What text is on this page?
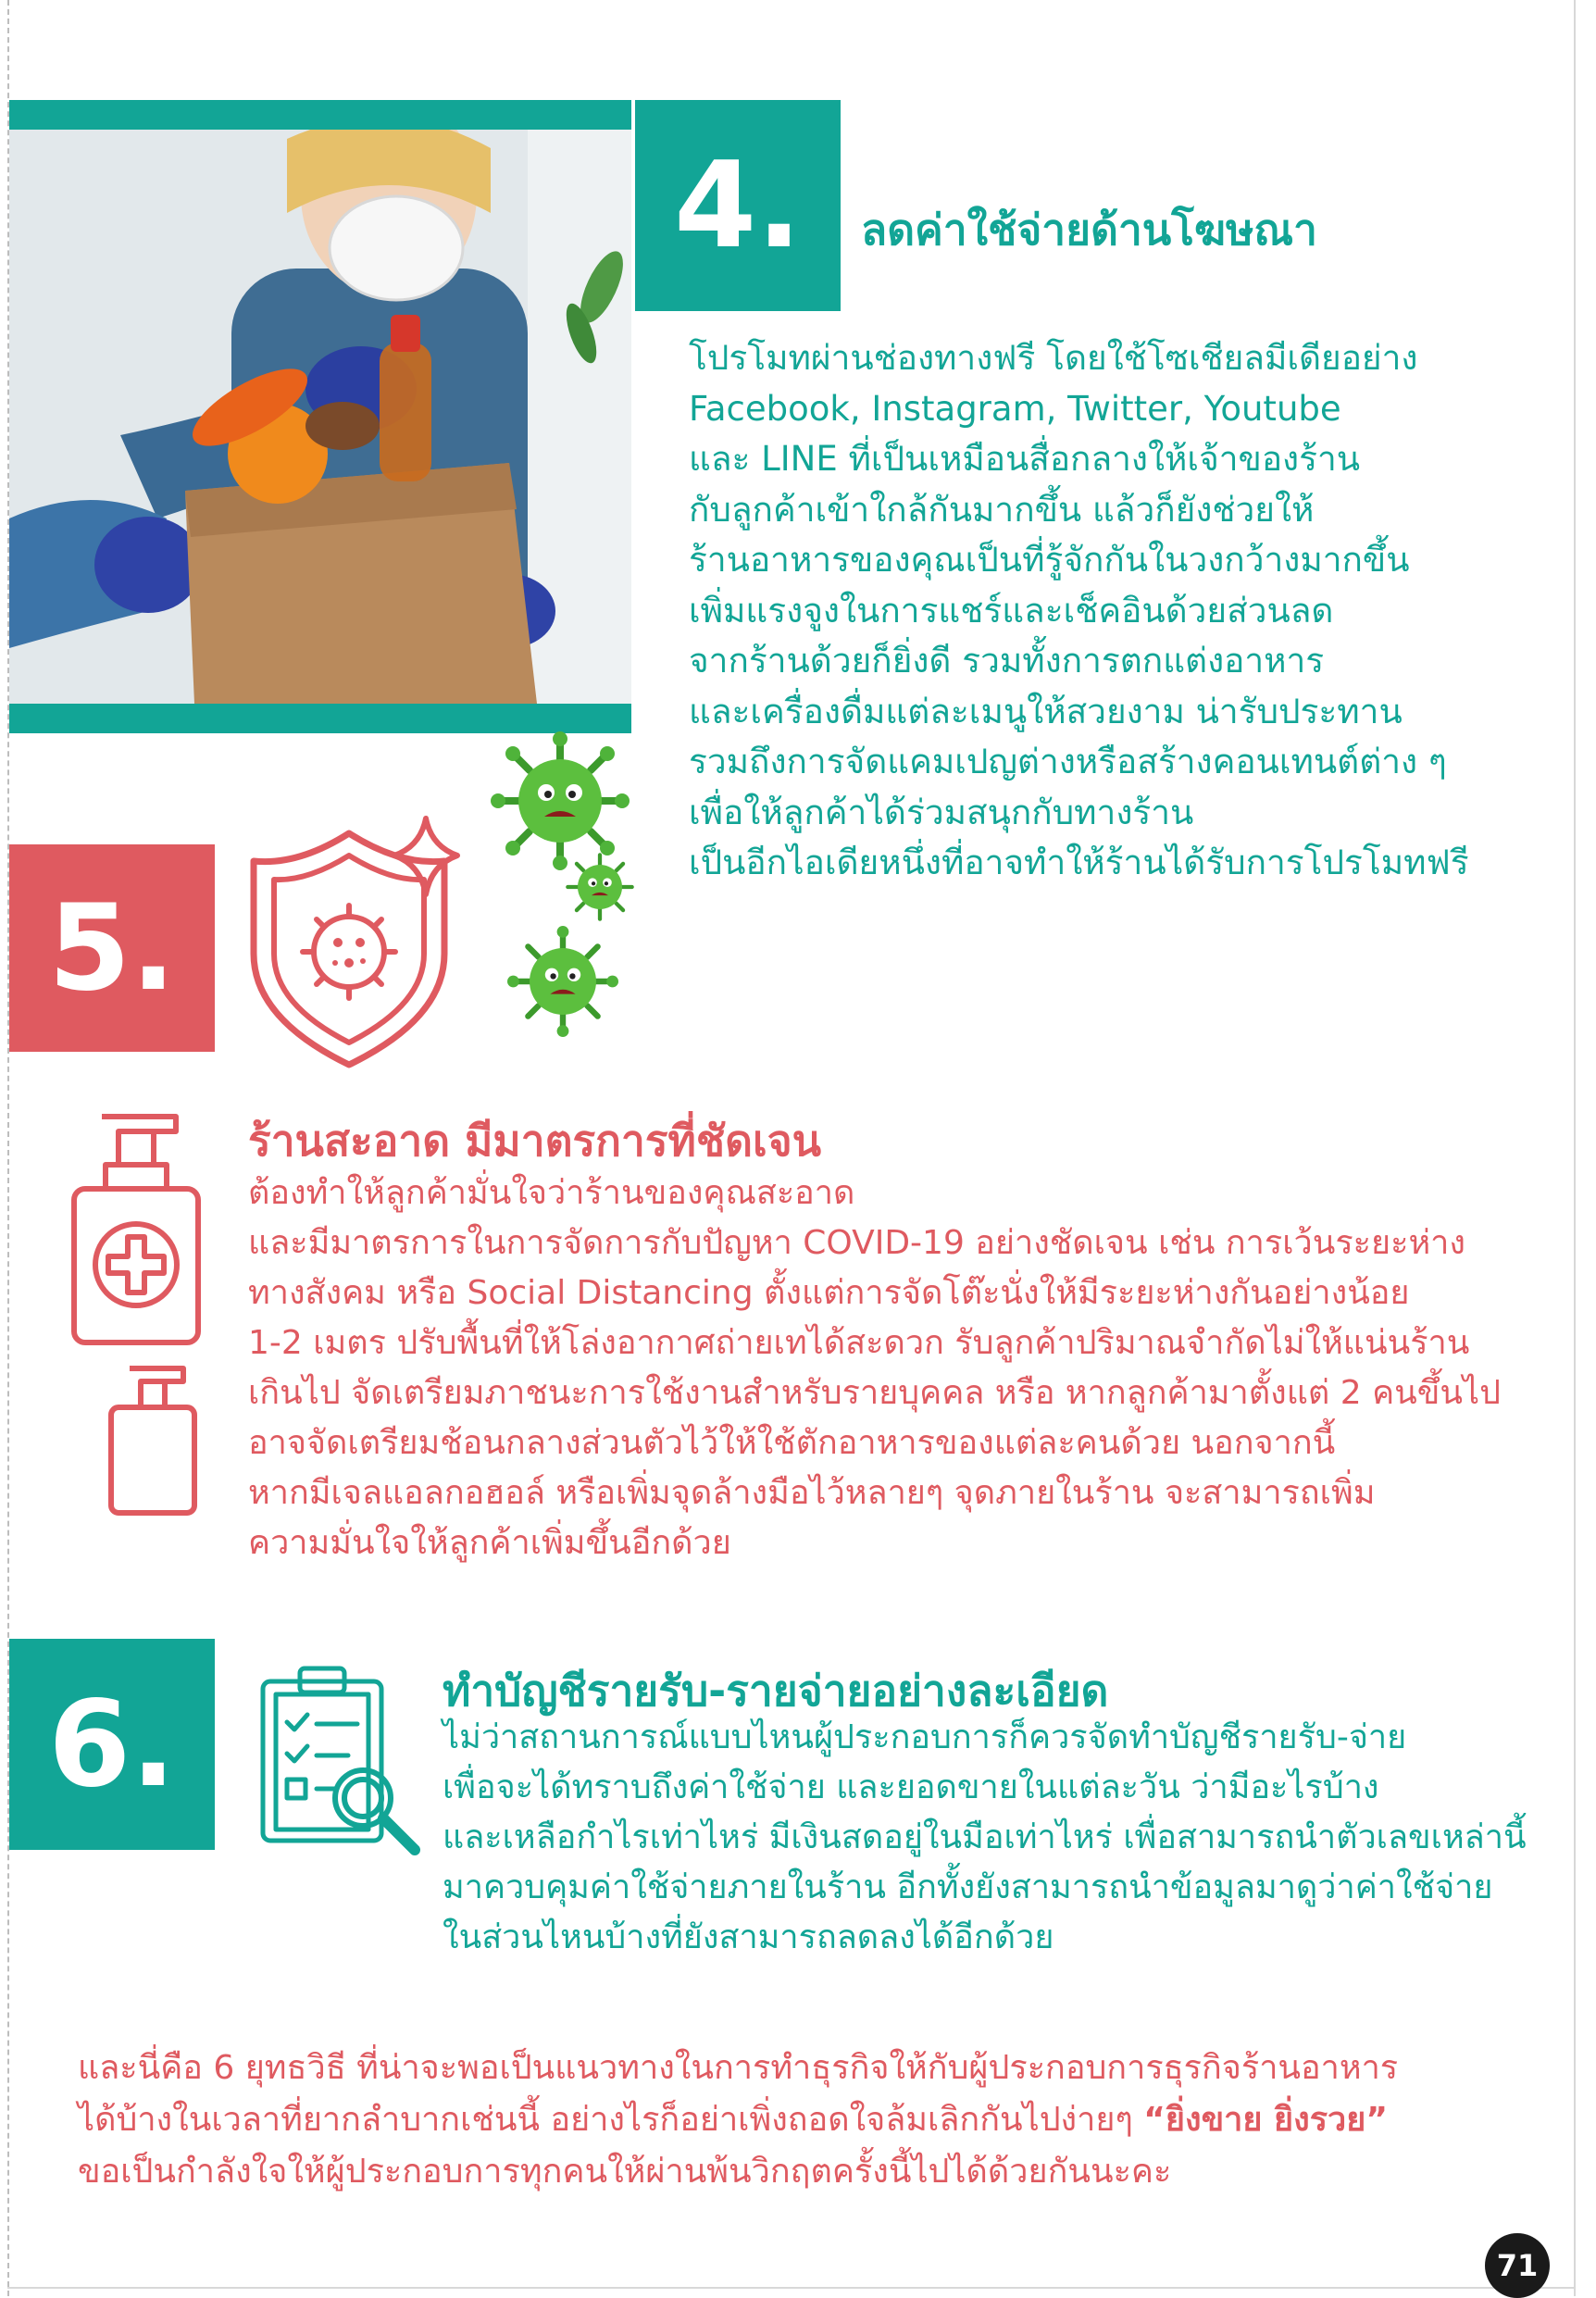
4.	ลดค่าใช้จ่ายด้านโฆษณา
โปรโมทผ่านช่องทางฟรี โดยใช้โซเชียลมีเดียอย่าง
Facebook, Instagram, Twitter, Youtube
และ LINE ที่เป็นเหมือนสื่อกลางให้เจ้าของร้าน
กับลูกค้าเข้าใกล้กันมากขึ้น แล้วก็ยังช่วยให้
ร้านอาหารของคุณเป็นที่รู้จักกันในวงกว้างมากขึ้น
เพิ่มแรงจูงในการแชร์และเช็คอินด้วยส่วนลด
จากร้านด้วยก็ยิ่งดี รวมทั้งการตกแต่งอาหาร
และเครื่องดื่มแต่ละเมนูให้สวยงาม น่ารับประทาน
รวมถึงการจัดแคมเปญต่างหรือสร้างคอนเทนต์ต่าง ๆ
เพื่อให้ลูกค้าได้ร่วมสนุกกับทางร้าน
เป็นอีกไอเดียหนึ่งที่อาจทำให้ร้านได้รับการโปรโมทฟรี
5.
ร้านสะอาด มีมาตรการที่ชัดเจน
ต้องทำให้ลูกค้ามั่นใจว่าร้านของคุณสะอาด
และมีมาตรการในการจัดการกับปัญหา COVID-19 อย่างชัดเจน เช่น การเว้นระยะห่าง
ทางสังคม หรือ Social Distancing ตั้งแต่การจัดโต๊ะนั่งให้มีระยะห่างกันอย่างน้อย
1-2 เมตร ปรับพื้นที่ให้โล่งอากาศถ่ายเทได้สะดวก รับลูกค้าปริมาณจำกัดไม่ให้แน่นร้าน
เกินไป จัดเตรียมภาชนะการใช้งานสำหรับรายบุคคล หรือ หากลูกค้ามาตั้งแต่ 2 คนขึ้นไป
อาจจัดเตรียมช้อนกลางส่วนตัวไว้ให้ใช้ตักอาหารของแต่ละคนด้วย นอกจากนี้
หากมีเจลแอลกอฮอล์ หรือเพิ่มจุดล้างมือไว้หลายๆ จุดภายในร้าน จะสามารถเพิ่ม
ความมั่นใจให้ลูกค้าเพิ่มขึ้นอีกด้วย
6.	ทำบัญชีรายรับ-รายจ่ายอย่างละเอียด
ไม่ว่าสถานการณ์แบบไหนผู้ประกอบการก็ควรจัดทำบัญชีรายรับ-จ่าย
เพื่อจะได้ทราบถึงค่าใช้จ่าย และยอดขายในแต่ละวัน ว่ามีอะไรบ้าง
และเหลือกำไรเท่าไหร่ มีเงินสดอยู่ในมือเท่าไหร่ เพื่อสามารถนำตัวเลขเหล่านี้
มาควบคุมค่าใช้จ่ายภายในร้าน อีกทั้งยังสามารถนำข้อมูลมาดูว่าค่าใช้จ่าย
ในส่วนไหนบ้างที่ยังสามารถลดลงได้อีกด้วย
และนี่คือ 6 ยุทธวิธี ที่น่าจะพอเป็นแนวทางในการทำธุรกิจให้กับผู้ประกอบการธุรกิจร้านอาหาร
ได้บ้างในเวลาที่ยากลำบากเช่นนี้ อย่างไรก็อย่าเพิ่งถอดใจล้มเลิกกันไปง่ายๆ “ยิ่งขาย ยิ่งรวย”
ขอเป็นกำลังใจให้ผู้ประกอบการทุกคนให้ผ่านพ้นวิกฤตครั้งนี้ไปได้ด้วยกันนะคะ
71
